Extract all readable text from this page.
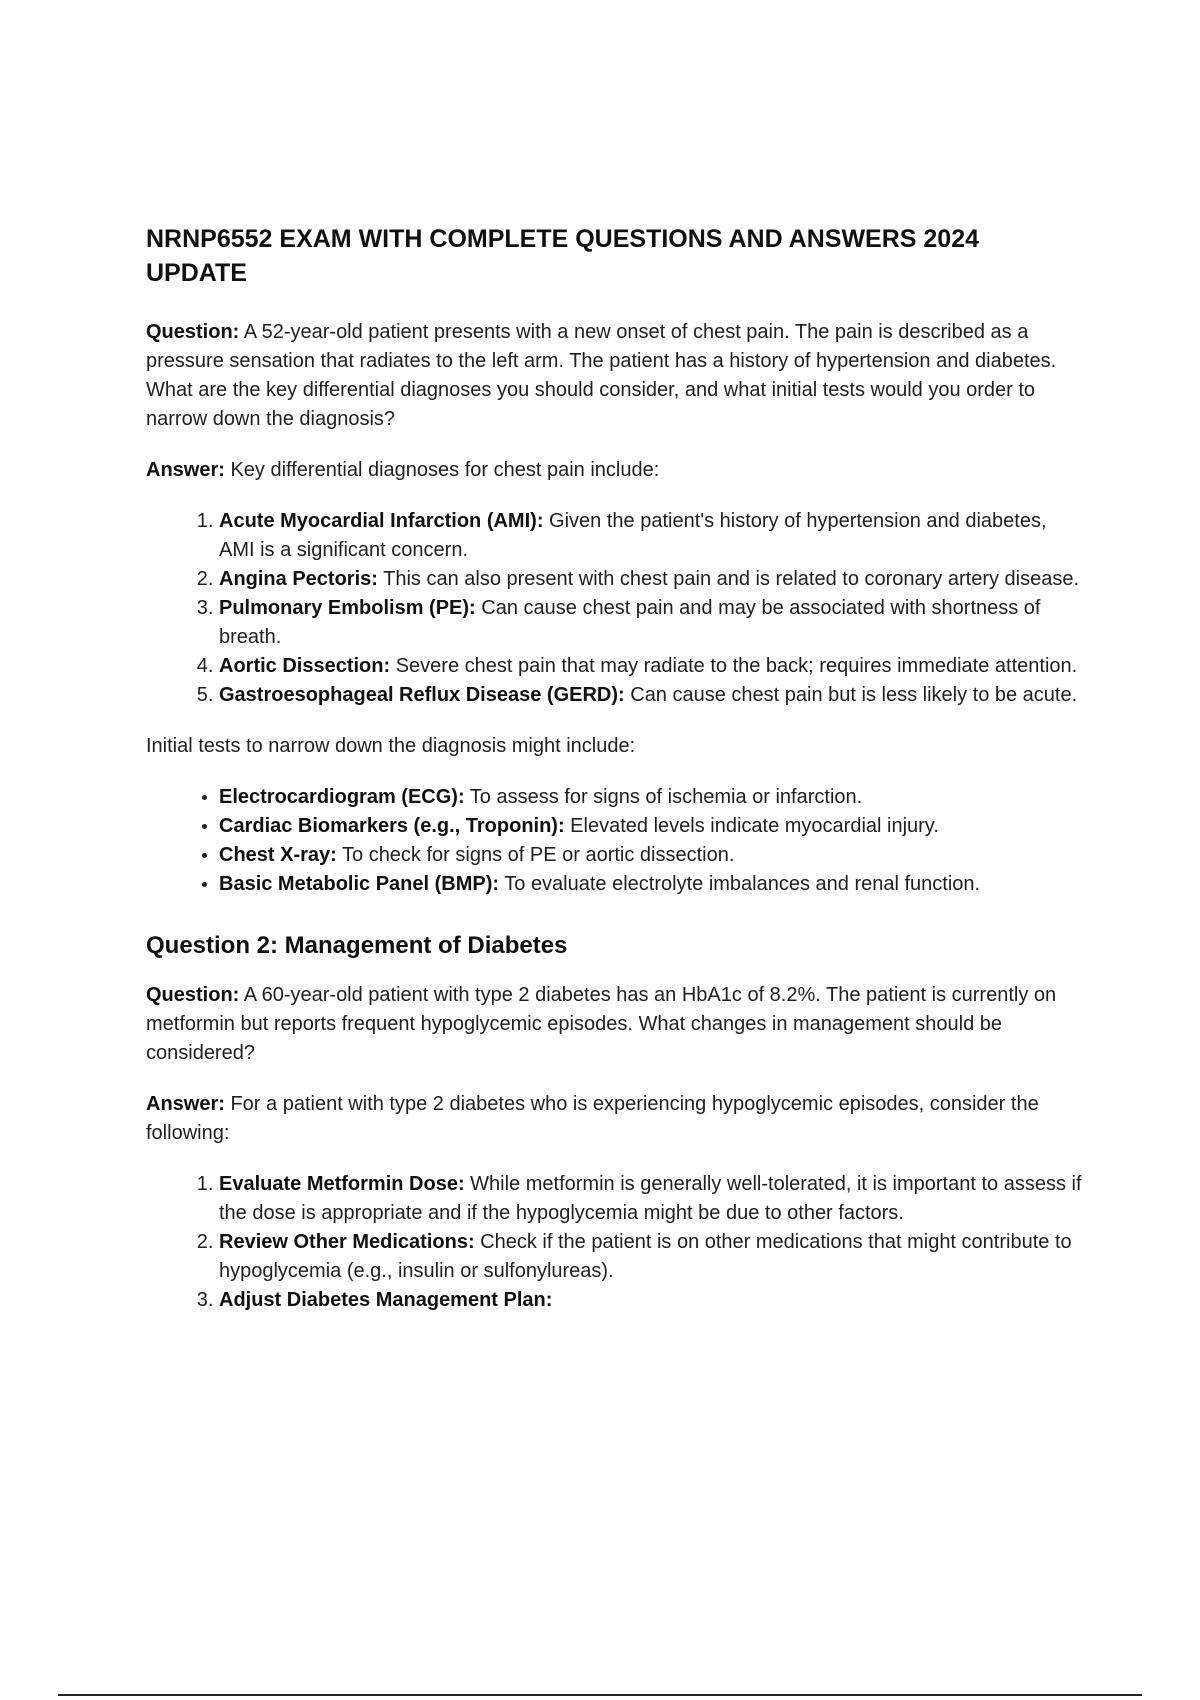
NRNP6552 EXAM WITH COMPLETE QUESTIONS AND ANSWERS 2024 UPDATE

Question: A 52-year-old patient presents with a new onset of chest pain. The pain is described as a pressure sensation that radiates to the left arm. The patient has a history of hypertension and diabetes. What are the key differential diagnoses you should consider, and what initial tests would you order to narrow down the diagnosis?

Answer: Key differential diagnoses for chest pain include:

1. Acute Myocardial Infarction (AMI): Given the patient's history of hypertension and diabetes, AMI is a significant concern.
2. Angina Pectoris: This can also present with chest pain and is related to coronary artery disease.
3. Pulmonary Embolism (PE): Can cause chest pain and may be associated with shortness of breath.
4. Aortic Dissection: Severe chest pain that may radiate to the back; requires immediate attention.
5. Gastroesophageal Reflux Disease (GERD): Can cause chest pain but is less likely to be acute.

Initial tests to narrow down the diagnosis might include:

• Electrocardiogram (ECG): To assess for signs of ischemia or infarction.
• Cardiac Biomarkers (e.g., Troponin): Elevated levels indicate myocardial injury.
• Chest X-ray: To check for signs of PE or aortic dissection.
• Basic Metabolic Panel (BMP): To evaluate electrolyte imbalances and renal function.
Question 2: Management of Diabetes

Question: A 60-year-old patient with type 2 diabetes has an HbA1c of 8.2%. The patient is currently on metformin but reports frequent hypoglycemic episodes. What changes in management should be considered?

Answer: For a patient with type 2 diabetes who is experiencing hypoglycemic episodes, consider the following:

1. Evaluate Metformin Dose: While metformin is generally well-tolerated, it is important to assess if the dose is appropriate and if the hypoglycemia might be due to other factors.
2. Review Other Medications: Check if the patient is on other medications that might contribute to hypoglycemia (e.g., insulin or sulfonylureas).
3. Adjust Diabetes Management Plan:
